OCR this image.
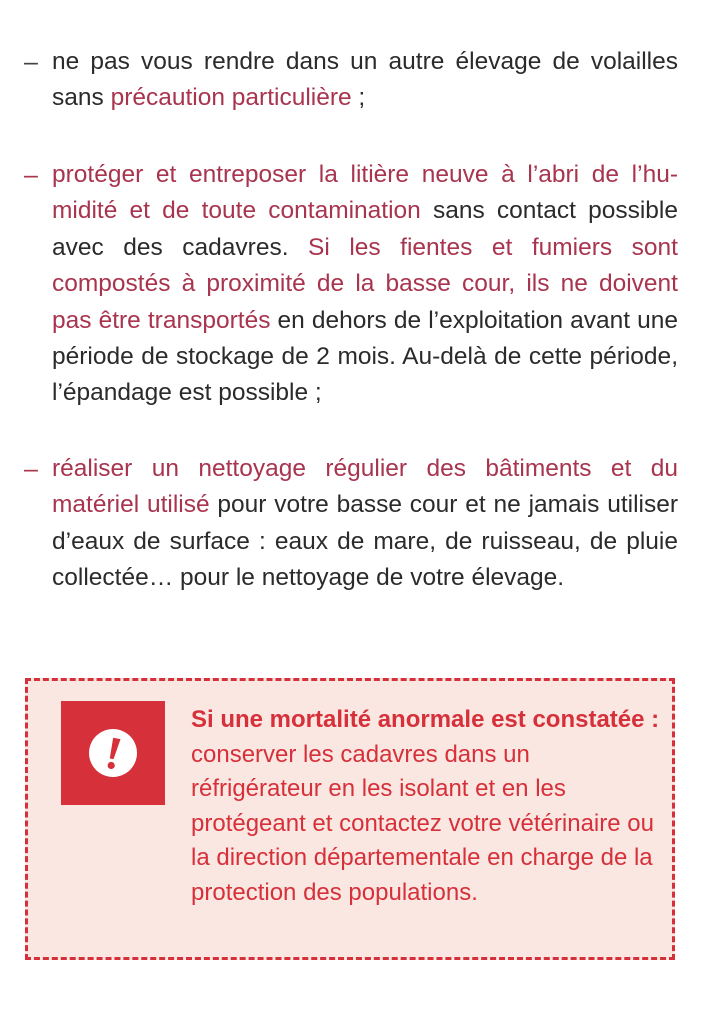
– ne pas vous rendre dans un autre élevage de volailles sans précaution particulière ;

– protéger et entreposer la litière neuve à l’abri de l’humidité et de toute contamination sans contact possible avec des cadavres. Si les fientes et fumiers sont compostés à proximité de la basse cour, ils ne doivent pas être transportés en dehors de l’exploitation avant une période de stockage de 2 mois. Au-delà de cette période, l’épandage est possible ;

– réaliser un nettoyage régulier des bâtiments et du matériel utilisé pour votre basse cour et ne jamais utiliser d’eaux de surface : eaux de mare, de ruisseau, de pluie collectée… pour le nettoyage de votre élevage.

Si une mortalité anormale est constatée : conserver les cadavres dans un réfrigérateur en les isolant et en les protégeant et contactez votre vétérinaire ou la direction départementale en charge de la protection des populations.
